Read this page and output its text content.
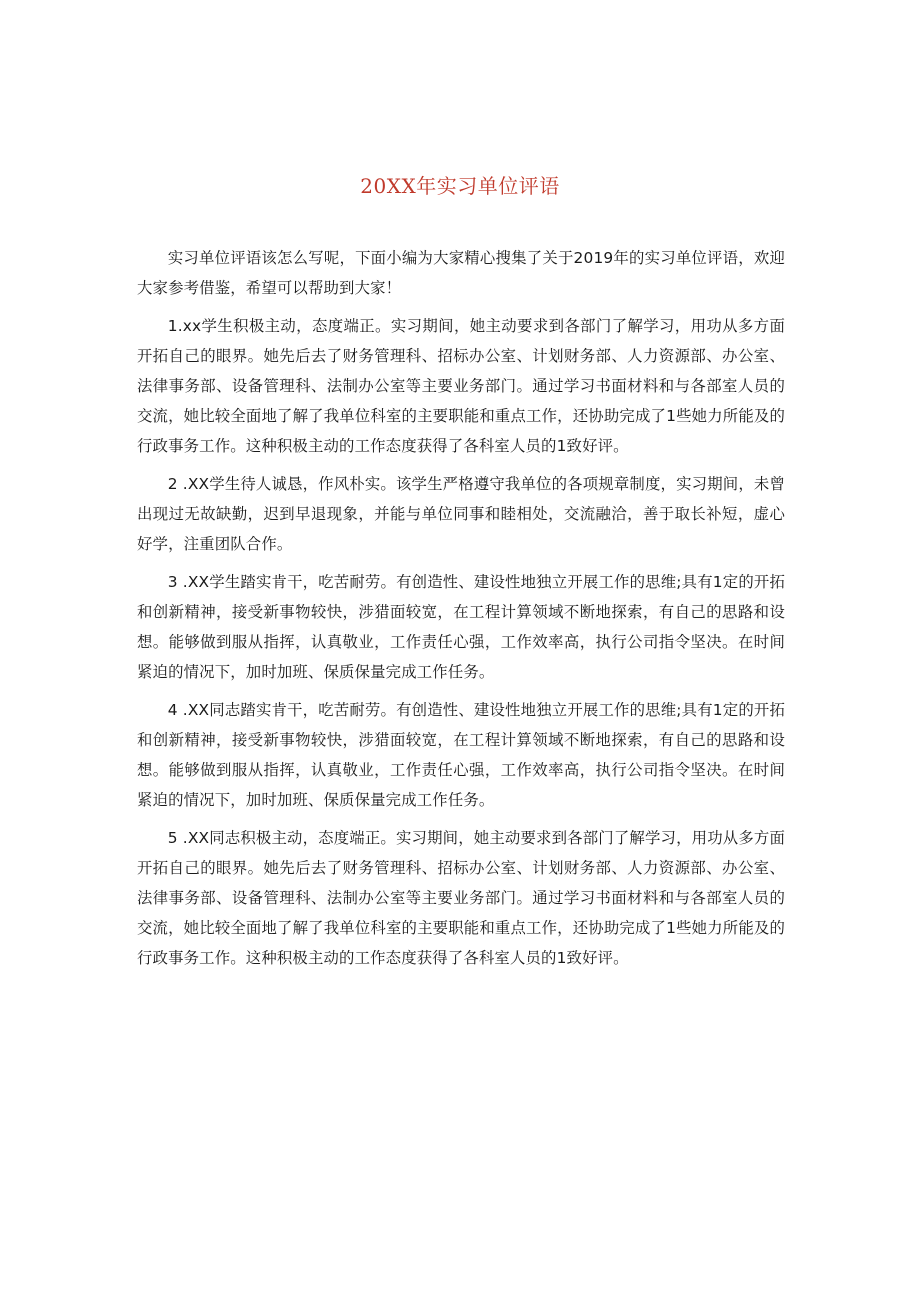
20XX年实习单位评语

实习单位评语该怎么写呢，下面小编为大家精心搜集了关于2019年的实习单位评语，欢迎大家参考借鉴，希望可以帮助到大家！

1.xx学生积极主动，态度端正。实习期间，她主动要求到各部门了解学习，用功从多方面开拓自己的眼界。她先后去了财务管理科、招标办公室、计划财务部、人力资源部、办公室、法律事务部、设备管理科、法制办公室等主要业务部门。通过学习书面材料和与各部室人员的交流，她比较全面地了解了我单位科室的主要职能和重点工作，还协助完成了1些她力所能及的行政事务工作。这种积极主动的工作态度获得了各科室人员的1致好评。

2 .XX学生待人诚恳，作风朴实。该学生严格遵守我单位的各项规章制度，实习期间，未曾出现过无故缺勤，迟到早退现象，并能与单位同事和睦相处，交流融洽，善于取长补短，虚心好学，注重团队合作。

3 .XX学生踏实肯干，吃苦耐劳。有创造性、建设性地独立开展工作的思维;具有1定的开拓和创新精神，接受新事物较快，涉猎面较宽，在工程计算领域不断地探索，有自己的思路和设想。能够做到服从指挥，认真敬业，工作责任心强，工作效率高，执行公司指令坚决。在时间紧迫的情况下，加时加班、保质保量完成工作任务。

4 .XX同志踏实肯干，吃苦耐劳。有创造性、建设性地独立开展工作的思维;具有1定的开拓和创新精神，接受新事物较快，涉猎面较宽，在工程计算领域不断地探索，有自己的思路和设想。能够做到服从指挥，认真敬业，工作责任心强，工作效率高，执行公司指令坚决。在时间紧迫的情况下，加时加班、保质保量完成工作任务。

5 .XX同志积极主动，态度端正。实习期间，她主动要求到各部门了解学习，用功从多方面开拓自己的眼界。她先后去了财务管理科、招标办公室、计划财务部、人力资源部、办公室、法律事务部、设备管理科、法制办公室等主要业务部门。通过学习书面材料和与各部室人员的交流，她比较全面地了解了我单位科室的主要职能和重点工作，还协助完成了1些她力所能及的行政事务工作。这种积极主动的工作态度获得了各科室人员的1致好评。
